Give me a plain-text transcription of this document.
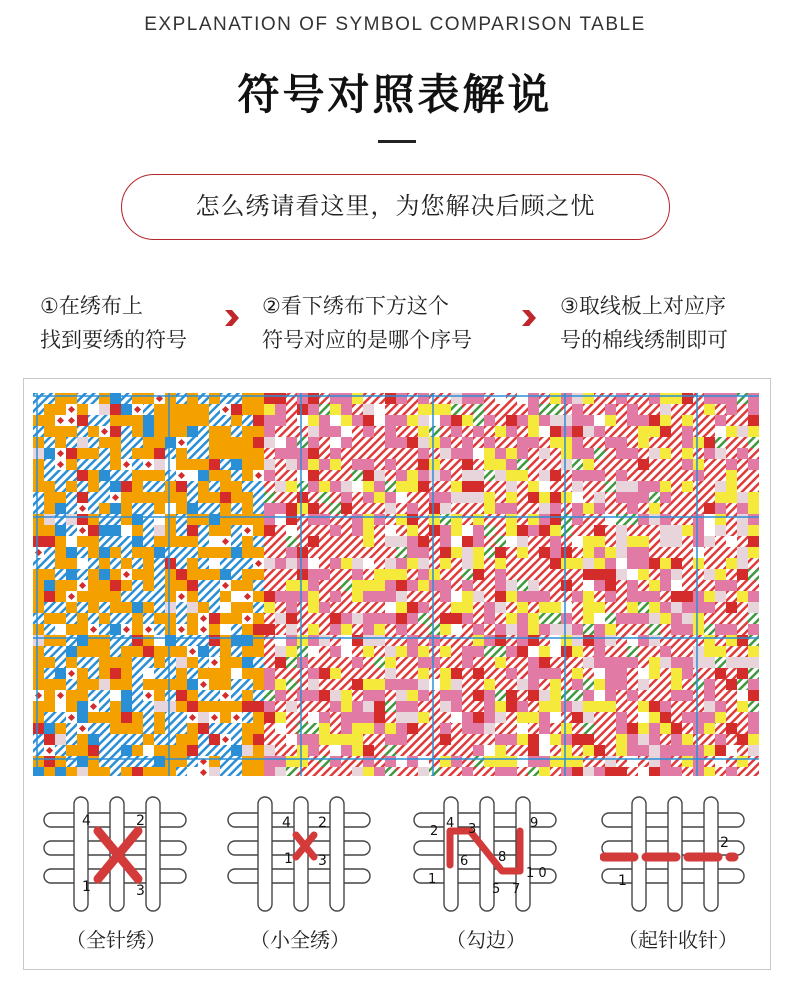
EXPLANATION OF SYMBOL COMPARISON TABLE
符号对照表解说
怎么绣请看这里，为您解决后顾之忧
①在绣布上
找到要绣的符号
②看下绣布下方这个
符号对应的是哪个序号
③取线板上对应序
号的棉线绣制即可
4	2
1	3
（全针绣）
4 2
1 3
（小全绣）
2
4 3	9
6 8
1
5 7
1 0
（勾边）
2
1
（起针收针）
